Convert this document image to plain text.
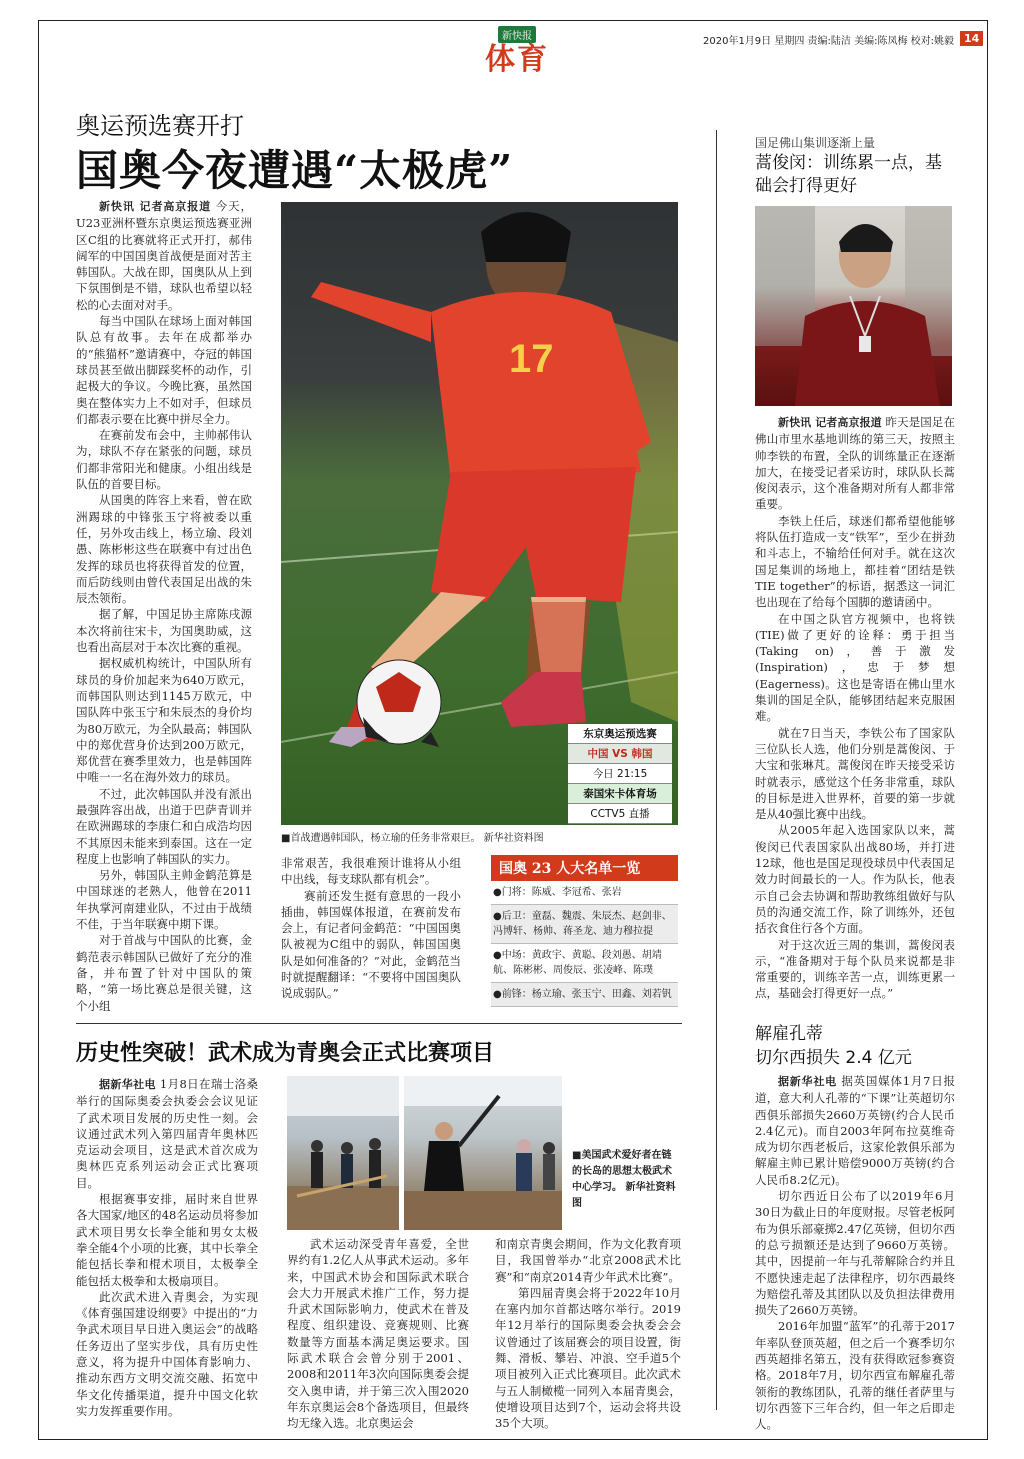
新快报
体育
2020年1月9日 星期四 责编:陆洁 美编:陈凤梅 校对:姚毅 14
奥运预选赛开打
国奥今夜遭遇“太极虎”

新快讯 记者高京报道 今天，U23亚洲杯暨东京奥运预选赛亚洲区C组的比赛就将正式开打，郝伟阔军的中国国奥首战便是面对苦主韩国队。大战在即，国奥队从上到下氛围倒是不错，球队也希望以轻松的心去面对对手。

每当中国队在球场上面对韩国队总有故事。去年在成都举办的“熊猫杯”邀请赛中，夺冠的韩国球员甚至做出脚踩奖杯的动作，引起极大的争议。今晚比赛，虽然国奥在整体实力上不如对手，但球员们都表示要在比赛中拼尽全力。

在赛前发布会中，主帅郝伟认为，球队不存在紧张的问题，球员们都非常阳光和健康。小组出线是队伍的首要目标。

从国奥的阵容上来看，曾在欧洲踢球的中锋张玉宁将被委以重任，另外攻击线上，杨立瑜、段刘愚、陈彬彬这些在联赛中有过出色发挥的球员也将获得首发的位置，而后防线则由曾代表国足出战的朱辰杰领衔。

据了解，中国足协主席陈戌源本次将前往宋卡，为国奥助威，这也看出高层对于本次比赛的重视。

据权威机构统计，中国队所有球员的身价加起来为640万欧元，而韩国队则达到1145万欧元，中国队阵中张玉宁和朱辰杰的身价均为80万欧元，为全队最高；韩国队中的郑优营身价达到200万欧元，郑优营在赛季里效力，也是韩国阵中唯一一名在海外效力的球员。

不过，此次韩国队并没有派出最强阵容出战，出道于巴萨青训并在欧洲踢球的李康仁和白成浩均因不其原因未能来到泰国。这在一定程度上也影响了韩国队的实力。

另外，韩国队主帅金鹤范算是中国球迷的老熟人，他曾在2011年执掌河南建业队，不过由于战绩不佳，于当年联赛中期下课。

对于首战与中国队的比赛，金鹤范表示韩国队已做好了充分的准备，并布置了针对中国队的策略，“第一场比赛总是很关键，这个小组

17
东京奥运预选赛
中国 VS 韩国
今日 21:15
泰国宋卡体育场
CCTV5 直播
■首战遭遇韩国队，杨立瑜的任务非常艰巨。 新华社资料图

非常艰苦，我很难预计谁将从小组中出线，每支球队都有机会”。

赛前还发生挺有意思的一段小插曲，韩国媒体报道，在赛前发布会上，有记者问金鹤范：“中国国奥队被视为C组中的弱队，韩国国奥队是如何准备的？”对此，金鹤范当时就提醒翻译：“不要将中国国奥队说成弱队。”

国奥 23 人大名单一览
●门将：陈威、李冠希、张岩
●后卫：童磊、魏震、朱辰杰、赵剑非、冯博轩、杨帅、蒋圣龙、迪力穆拉提
●中场：黄政宇、黄聪、段刘愚、胡靖航、陈彬彬、周俊辰、张凌峰、陈璞
●前锋：杨立瑜、张玉宁、田鑫、刘若钒
国足佛山集训逐渐上量
蒿俊闵：训练累一点，基础会打得更好

新快讯 记者高京报道 昨天是国足在佛山市里水基地训练的第三天，按照主帅李铁的布置，全队的训练量正在逐渐加大，在接受记者采访时，球队队长蒿俊闵表示，这个准备期对所有人都非常重要。

李铁上任后，球迷们都希望他能够将队伍打造成一支“铁军”，至少在拼劲和斗志上，不输给任何对手。就在这次国足集训的场地上，都挂着“团结是铁 TIE together”的标语，据悉这一词汇也出现在了给每个国脚的邀请函中。

在中国之队官方视频中，也将铁(TIE)做了更好的诠释：勇于担当(Taking on)，善于激发(Inspiration)，忠于梦想(Eagerness)。这也是寄语在佛山里水集训的国足全队，能够团结起来克服困难。

就在7日当天，李铁公布了国家队三位队长人选，他们分别是蒿俊闵、于大宝和张琳芃。蒿俊闵在昨天接受采访时就表示，感觉这个任务非常重，球队的目标是进入世界杯，首要的第一步就是从40强比赛中出线。

从2005年起入选国家队以来，蒿俊闵已代表国家队出战80场，并打进12球，他也是国足现役球员中代表国足效力时间最长的一人。作为队长，他表示自己会去协调和帮助教练组做好与队员的沟通交流工作，除了训练外，还包括衣食住行各个方面。

对于这次近三周的集训，蒿俊闵表示，“准备期对于每个队员来说都是非常重要的，训练辛苦一点，训练更累一点，基础会打得更好一点。”

历史性突破！武术成为青奥会正式比赛项目

据新华社电 1月8日在瑞士洛桑举行的国际奥委会执委会会议见证了武术项目发展的历史性一刻。会议通过武术列入第四届青年奥林匹克运动会项目，这是武术首次成为奥林匹克系列运动会正式比赛项目。

根据赛事安排，届时来自世界各大国家/地区的48名运动员将参加武术项目男女长拳全能和男女太极拳全能4个小项的比赛，其中长拳全能包括长拳和棍术项目，太极拳全能包括太极拳和太极扇项目。

此次武术进入青奥会，为实现《体育强国建设纲要》中提出的“力争武术项目早日进入奥运会”的战略任务迈出了坚实步伐，具有历史性意义，将为提升中国体育影响力、推动东西方文明交流交融、拓宽中华文化传播渠道，提升中国文化软实力发挥重要作用。

■美国武术爱好者在链的长岛的思想太极武术中心学习。 新华社资料图

武术运动深受青年喜爱，全世界约有1.2亿人从事武术运动。多年来，中国武术协会和国际武术联合会大力开展武术推广工作，努力提升武术国际影响力，使武术在普及程度、组织建设、竞赛规则、比赛数量等方面基本满足奥运要求。国际武术联合会曾分别于2001、2008和2011年3次向国际奥委会提交入奥申请，并于第三次入围2020年东京奥运会8个备选项目，但最终均无缘入选。北京奥运会

和南京青奥会期间，作为文化教育项目，我国曾举办“北京2008武术比赛”和“南京2014青少年武术比赛”。

第四届青奥会将于2022年10月在塞内加尔首都达喀尔举行。2019年12月举行的国际奥委会执委会会议曾通过了该届赛会的项目设置，街舞、滑板、攀岩、冲浪、空手道5个项目被列入正式比赛项目。此次武术与五人制橄榄一同列入本届青奥会，使增设项目达到7个，运动会将共设35个大项。

解雇孔蒂
切尔西损失 2.4 亿元

据新华社电 据英国媒体1月7日报道，意大利人孔蒂的“下课”让英超切尔西俱乐部损失2660万英镑(约合人民币2.4亿元)。而自2003年阿布拉莫维奇成为切尔西老板后，这家伦敦俱乐部为解雇主帅已累计赔偿9000万英镑(约合人民币8.2亿元)。

切尔西近日公布了以2019年6月30日为截止日的年度财报。尽管老板阿布为俱乐部豪掷2.47亿英镑，但切尔西的总亏损额还是达到了9660万英镑。其中，因提前一年与孔蒂解除合约并且不愿快速走起了法律程序，切尔西最终为赔偿孔蒂及其团队以及负担法律费用损失了2660万英镑。

2016年加盟“蓝军”的孔蒂于2017年率队登顶英超，但之后一个赛季切尔西英超排名第五，没有获得欧冠参赛资格。2018年7月，切尔西宣布解雇孔蒂领衔的教练团队，孔蒂的继任者萨里与切尔西签下三年合约，但一年之后即走人。
